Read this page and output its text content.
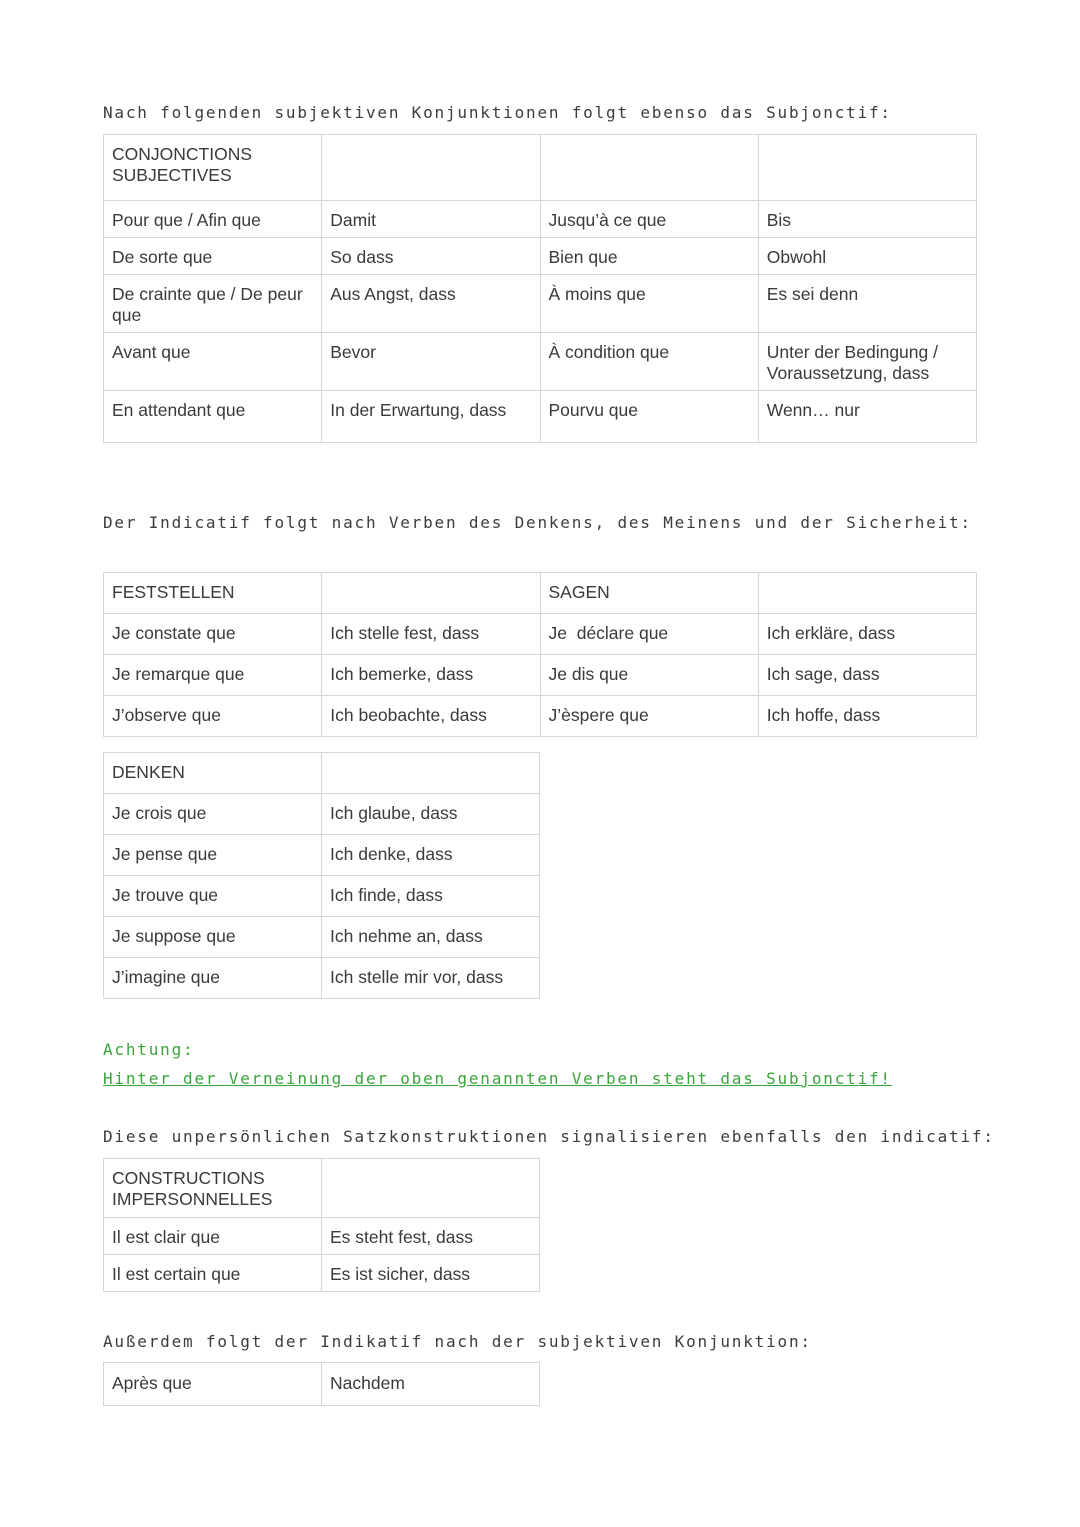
Nach folgenden subjektiven Konjunktionen folgt ebenso das Subjonctif:
CONJONCTIONS SUBJECTIVES			
Pour que / Afin que	Damit	Jusqu’à ce que	Bis
De sorte que	So dass	Bien que	Obwohl
De crainte que / De peur que	Aus Angst, dass	À moins que	Es sei denn
Avant que	Bevor	À condition que	Unter der Bedingung / Voraussetzung, dass
En attendant que	In der Erwartung, dass	Pourvu que	Wenn… nur
Der Indicatif folgt nach Verben des Denkens, des Meinens und der Sicherheit:
FESTSTELLEN		SAGEN	
Je constate que	Ich stelle fest, dass	Je  déclare que	Ich erkläre, dass
Je remarque que	Ich bemerke, dass	Je dis que	Ich sage, dass
J’observe que	Ich beobachte, dass	J’èspere que	Ich hoffe, dass
DENKEN	
Je crois que	Ich glaube, dass
Je pense que	Ich denke, dass
Je trouve que	Ich finde, dass
Je suppose que	Ich nehme an, dass
J’imagine que	Ich stelle mir vor, dass
Achtung:
Hinter der Verneinung der oben genannten Verben steht das Subjonctif!
Diese unpersönlichen Satzkonstruktionen signalisieren ebenfalls den indicatif:
CONSTRUCTIONS IMPERSONNELLES	
Il est clair que	Es steht fest, dass
Il est certain que	Es ist sicher, dass
Außerdem folgt der Indikatif nach der subjektiven Konjunktion:
Après que	Nachdem
